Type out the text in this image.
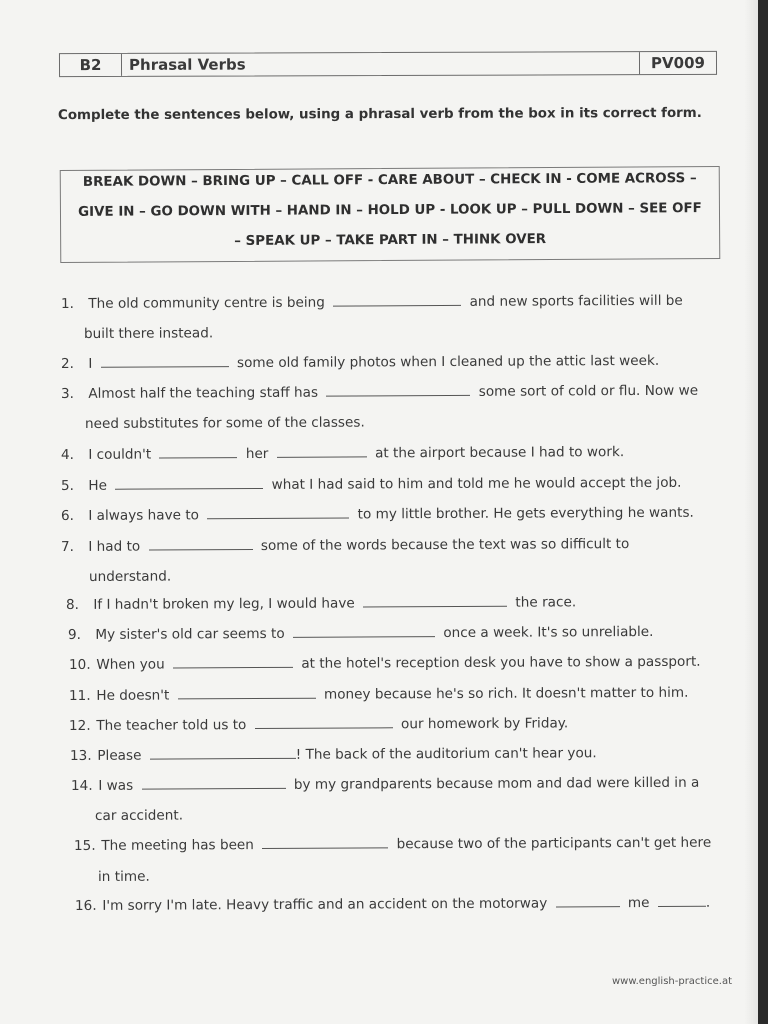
B2	Phrasal Verbs	PV009
Complete the sentences below, using a phrasal verb from the box in its correct form.
BREAK DOWN – BRING UP – CALL OFF - CARE ABOUT – CHECK IN - COME ACROSS –
GIVE IN – GO DOWN WITH – HAND IN – HOLD UP - LOOK UP – PULL DOWN – SEE OFF
– SPEAK UP – TAKE PART IN – THINK OVER
1. The old community centre is being	and new sports facilities will be
built there instead.
2. I	some old family photos when I cleaned up the attic last week.
3. Almost half the teaching staff has	some sort of cold or flu. Now we
need substitutes for some of the classes.
4. I couldn't	her	at the airport because I had to work.
5. He	what I had said to him and told me he would accept the job.
6. I always have to	to my little brother. He gets everything he wants.
7. I had to	some of the words because the text was so difficult to
understand.
8. If I hadn't broken my leg, I would have	the race.
9. My sister's old car seems to	once a week. It's so unreliable.
10. When you	at the hotel's reception desk you have to show a passport.
11. He doesn't	money because he's so rich. It doesn't matter to him.
12. The teacher told us to	our homework by Friday.
13. Please	! The back of the auditorium can't hear you.
14. I was	by my grandparents because mom and dad were killed in a
car accident.
15. The meeting has been	because two of the participants can't get here
in time.
16. I'm sorry I'm late. Heavy traffic and an accident on the motorway	me	.
www.english-practice.at
